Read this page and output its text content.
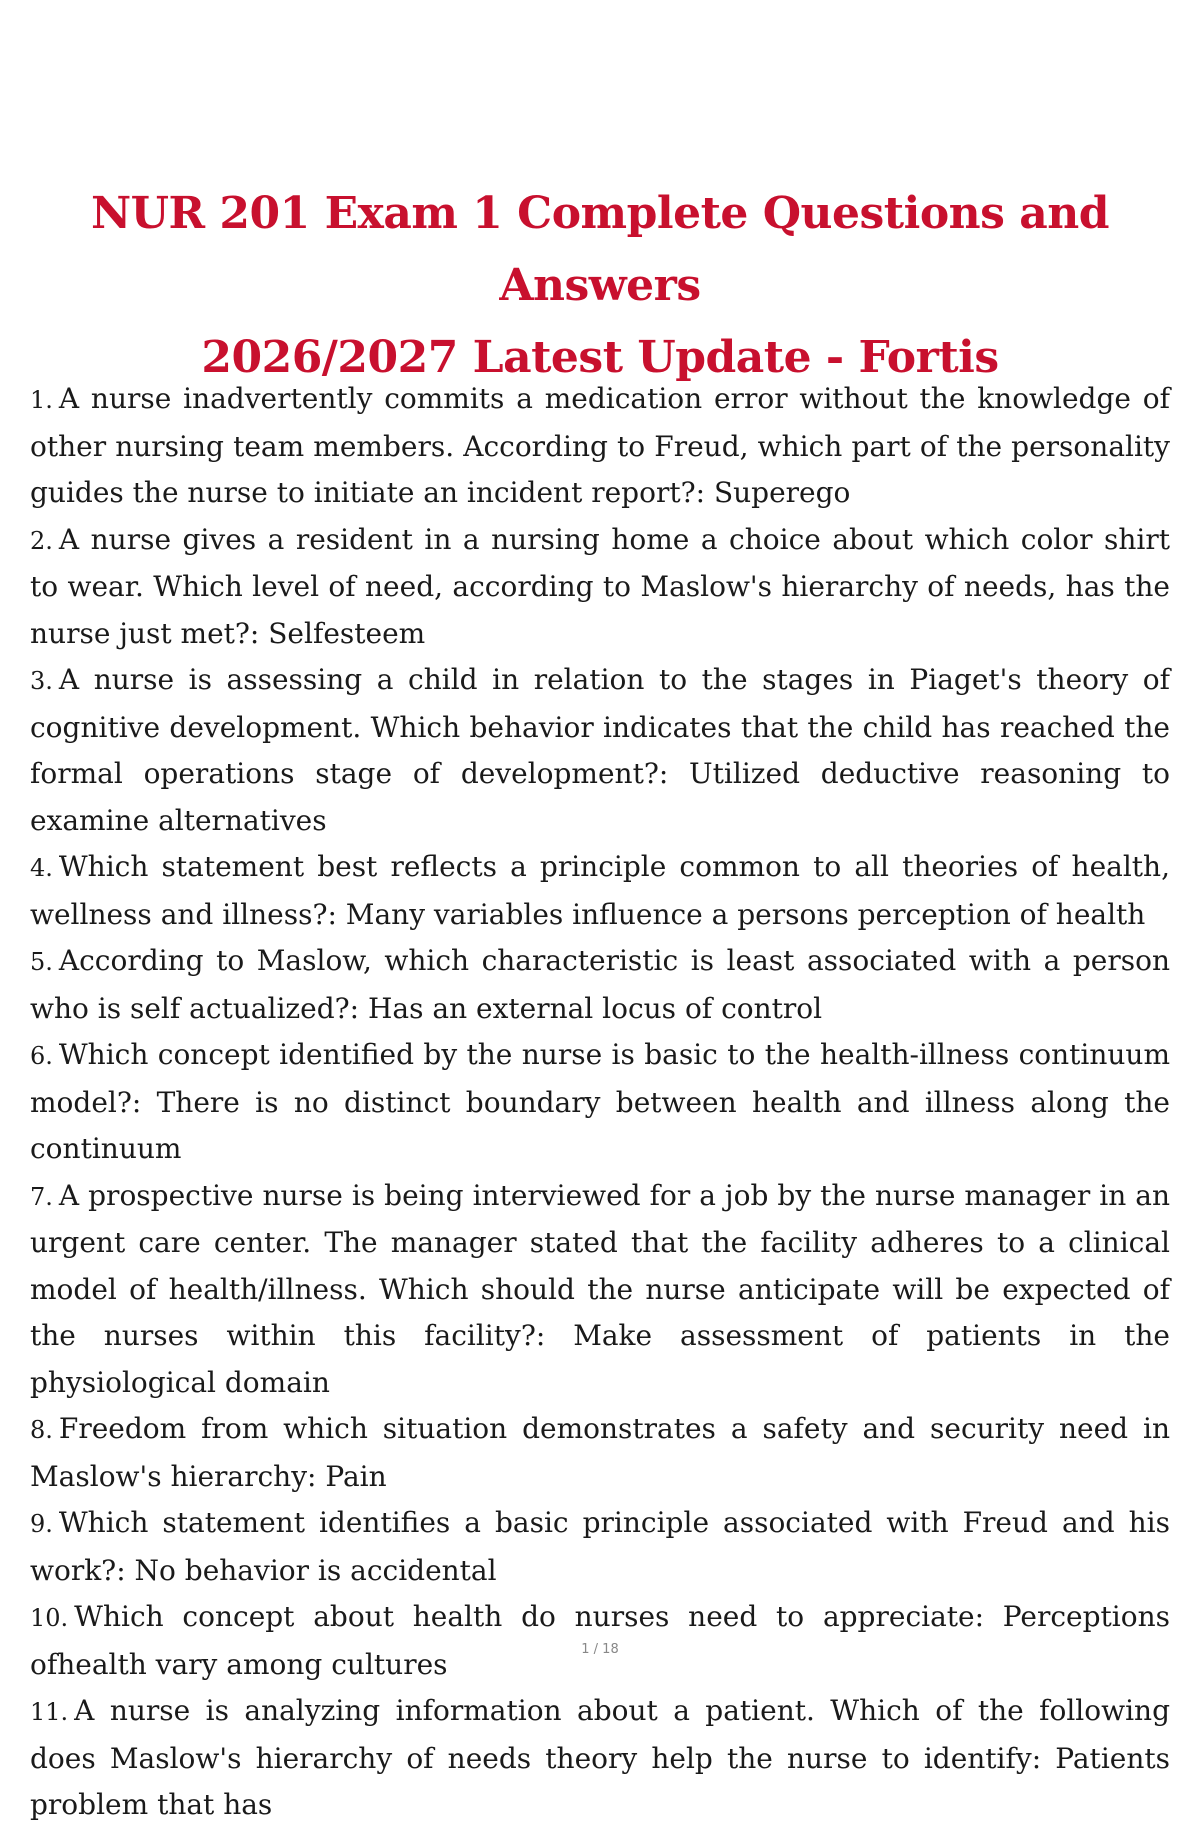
NUR 201 Exam 1 Complete Questions and Answers
2026/2027 Latest Update - Fortis
1. A nurse inadvertently commits a medication error without the knowledge of other nursing team members. According to Freud, which part of the personality guides the nurse to initiate an incident report?: Superego
2. A nurse gives a resident in a nursing home a choice about which color shirt to wear. Which level of need, according to Maslow's hierarchy of needs, has the nurse just met?: Selfesteem
3. A nurse is assessing a child in relation to the stages in Piaget's theory of cognitive development. Which behavior indicates that the child has reached the formal operations stage of development?: Utilized deductive reasoning to examine alternatives
4. Which statement best reflects a principle common to all theories of health, wellness and illness?: Many variables influence a persons perception of health
5. According to Maslow, which characteristic is least associated with a person who is self actualized?: Has an external locus of control
6. Which concept identified by the nurse is basic to the health-illness continuum model?: There is no distinct boundary between health and illness along the continuum
7. A prospective nurse is being interviewed for a job by the nurse manager in an urgent care center. The manager stated that the facility adheres to a clinical model of health/illness. Which should the nurse anticipate will be expected of the nurses within this facility?: Make assessment of patients in the physiological domain
8. Freedom from which situation demonstrates a safety and security need in Maslow's hierarchy: Pain
9. Which statement identifies a basic principle associated with Freud and his work?: No behavior is accidental
10. Which concept about health do nurses need to appreciate: Perceptions ofhealth vary among cultures
11. A nurse is analyzing information about a patient. Which of the following does Maslow's hierarchy of needs theory help the nurse to identify: Patients problem that has
1 / 18
